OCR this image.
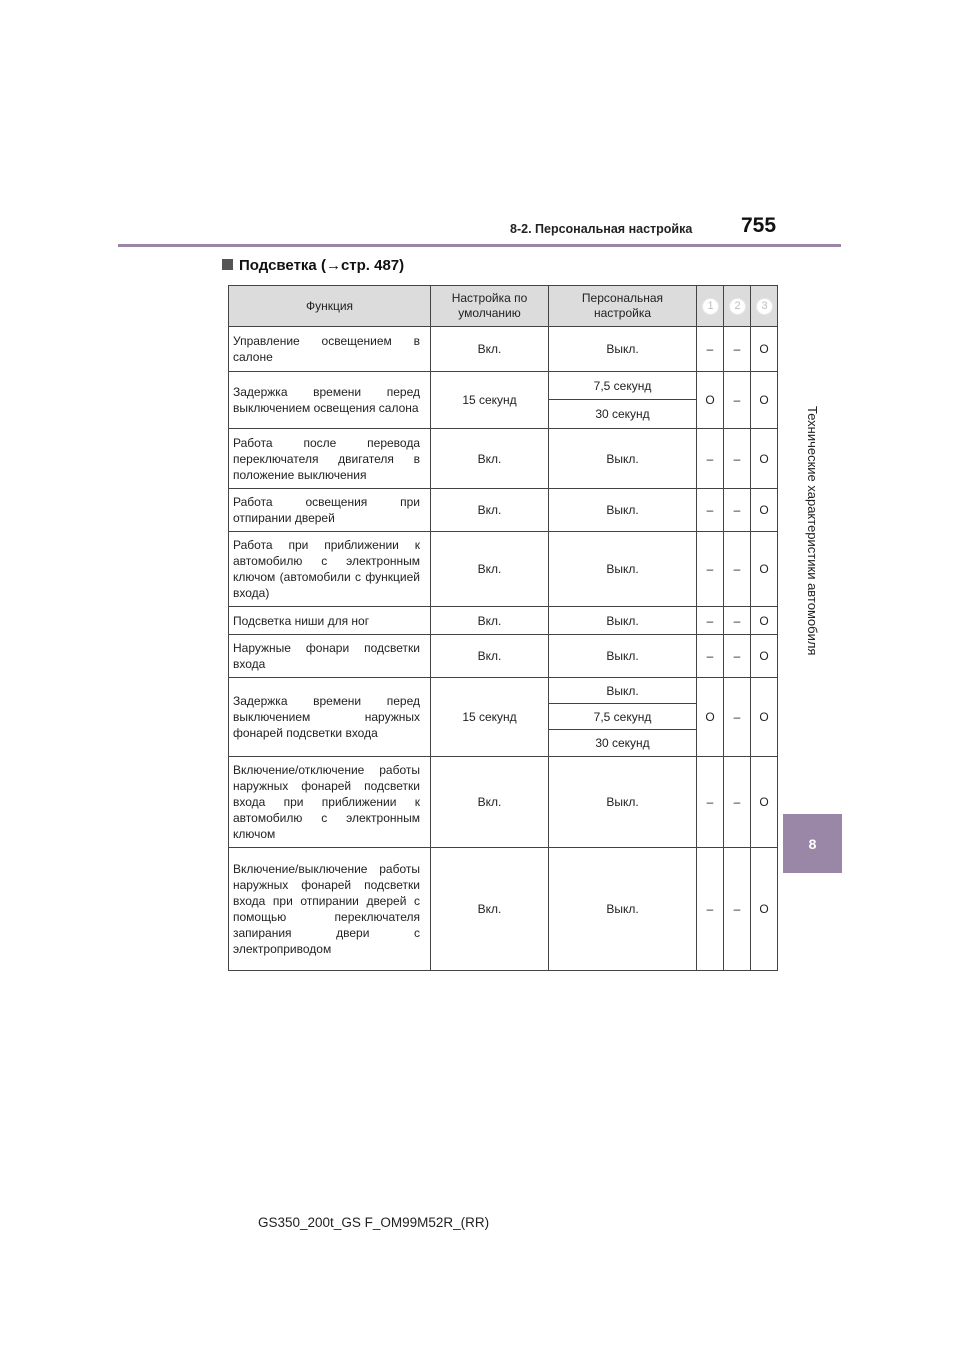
8-2. Персональная настройка 755
Подсветка (→стр. 487)
Технические характеристики автомобиля
8
Функция	Настройка по умолчанию	Персональная настройка	1	2	3
Управление освещением в салоне	Вкл.	Выкл.	–	–	O
Задержка времени перед выключением освещения салона	15 секунд	7,5 секунд	O	–	O
		30 секунд			
Работа после перевода переключателя двигателя в положение выключения	Вкл.	Выкл.	–	–	O
Работа освещения при отпирании дверей	Вкл.	Выкл.	–	–	O
Работа при приближении к автомобилю с электронным ключом (автомобили с функцией входа)	Вкл.	Выкл.	–	–	O
Подсветка ниши для ног	Вкл.	Выкл.	–	–	O
Наружные фонари подсветки входа	Вкл.	Выкл.	–	–	O
Задержка времени перед выключением наружных фонарей подсветки входа	15 секунд	Выкл.	O	–	O
		7,5 секунд			
		30 секунд			
Включение/отключение работы наружных фонарей подсветки входа при приближении к автомобилю с электронным ключом	Вкл.	Выкл.	–	–	O
Включение/выключение работы наружных фонарей подсветки входа при отпирании дверей с помощью переключателя запирания двери с электроприводом	Вкл.	Выкл.	–	–	O
GS350_200t_GS F_OM99M52R_(RR)
